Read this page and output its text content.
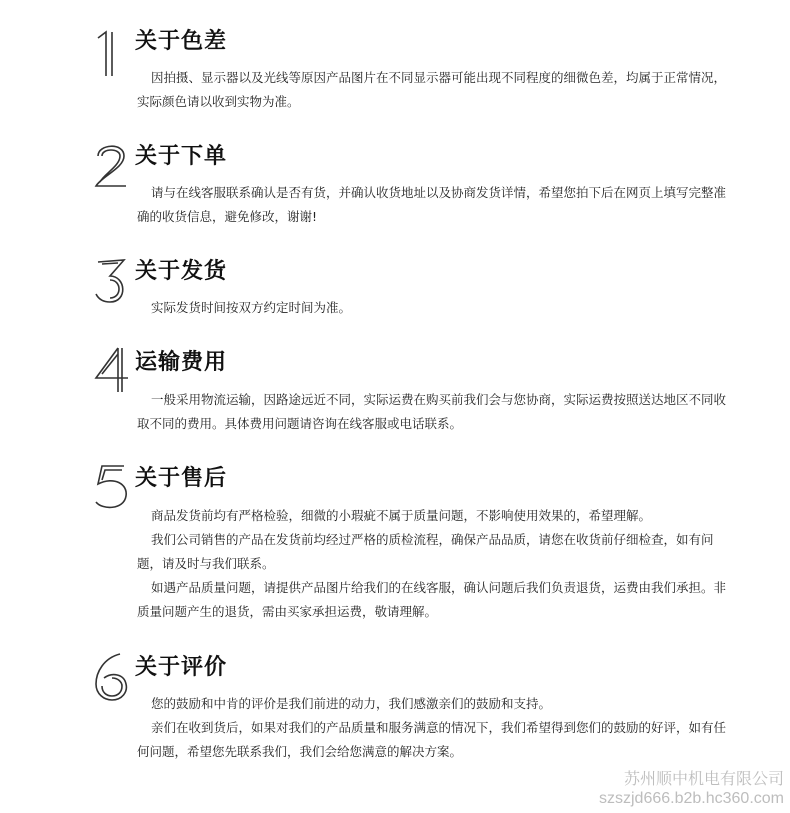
关于色差

因拍摄、显示器以及光线等原因产品图片在不同显示器可能出现不同程度的细微色差，均属于正常情况，实际颜色请以收到实物为准。

关于下单

请与在线客服联系确认是否有货，并确认收货地址以及协商发货详情，希望您拍下后在网页上填写完整准确的收货信息，避免修改，谢谢!

关于发货

实际发货时间按双方约定时间为准。

运输费用

一般采用物流运输，因路途远近不同，实际运费在购买前我们会与您协商，实际运费按照送达地区不同收取不同的费用。具体费用问题请咨询在线客服或电话联系。

关于售后

商品发货前均有严格检验，细微的小瑕疵不属于质量问题，不影响使用效果的，希望理解。

我们公司销售的产品在发货前均经过严格的质检流程，确保产品品质，请您在收货前仔细检查，如有问题，请及时与我们联系。

如遇产品质量问题，请提供产品图片给我们的在线客服，确认问题后我们负责退货，运费由我们承担。非质量问题产生的退货，需由买家承担运费，敬请理解。

关于评价

您的鼓励和中肯的评价是我们前进的动力，我们感激亲们的鼓励和支持。

亲们在收到货后，如果对我们的产品质量和服务满意的情况下，我们希望得到您们的鼓励的好评，如有任何问题，希望您先联系我们，我们会给您满意的解决方案。

苏州顺中机电有限公司
szszjd666.b2b.hc360.com
